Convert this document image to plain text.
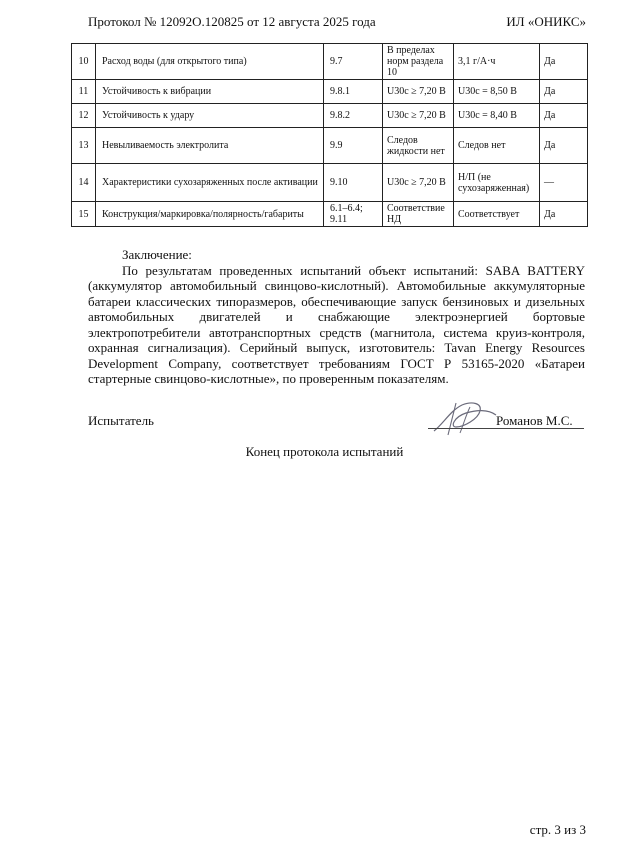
Протокол № 12092О.120825 от 12 августа 2025 года	ИЛ «ОНИКС»
10	Расход воды (для открытого типа)	9.7	В пределах норм раздела 10	3,1 г/А·ч	Да
11	Устойчивость к вибрации	9.8.1	U30с ≥ 7,20 В	U30с = 8,50 В	Да
12	Устойчивость к удару	9.8.2	U30с ≥ 7,20 В	U30с = 8,40 В	Да
13	Невыливаемость электролита	9.9	Следов жидкости нет	Следов нет	Да
14	Характеристики сухозаряженных после активации	9.10	U30с ≥ 7,20 В	Н/П (не сухозаряженная)	—
15	Конструкция/маркировка/полярность/габариты	6.1–6.4; 9.11	Соответствие НД	Соответствует	Да
Заключение:

По результатам проведенных испытаний объект испытаний: SABA BATTERY (аккумулятор автомобильный свинцово-кислотный). Автомобильные аккумуляторные батареи классических типоразмеров, обеспечивающие запуск бензиновых и дизельных автомобильных двигателей и снабжающие электроэнергией бортовые электропотребители автотранспортных средств (магнитола, система круиз-контроля, охранная сигнализация). Серийный выпуск, изготовитель: Tavan Energy Resources Development Company, соответствует требованиям ГОСТ Р 53165-2020 «Батареи стартерные свинцово-кислотные», по проверенным показателям.

Испытатель	Романов М.С.
Конец протокола испытаний
стр. 3 из 3
